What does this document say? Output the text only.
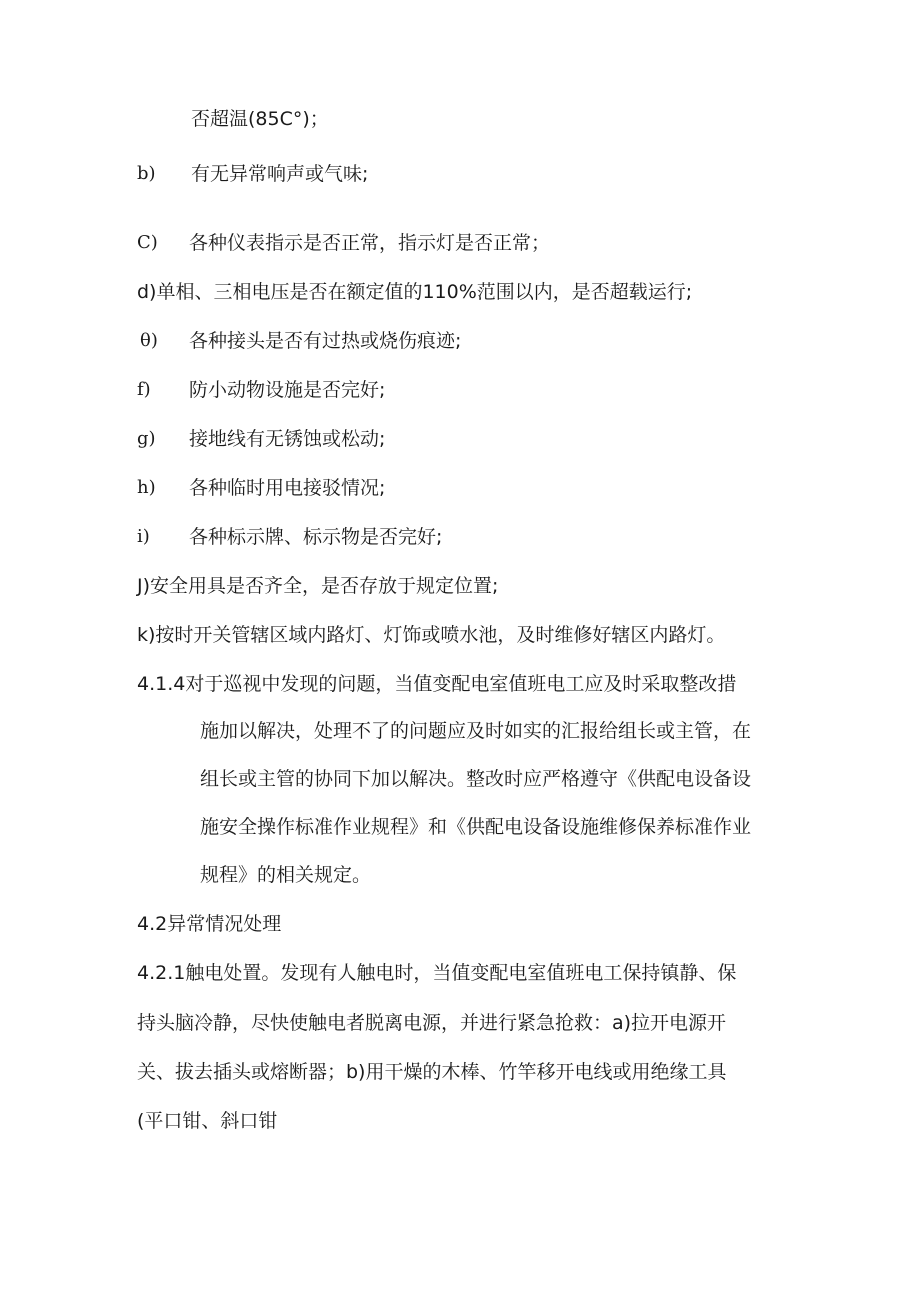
否超温(85C°)；
b) 有无异常响声或气味;
C) 各种仪表指示是否正常，指示灯是否正常；
d)单相、三相电压是否在额定值的110%范围以内，是否超载运行;
θ) 各种接头是否有过热或烧伤痕迹;
f) 防小动物设施是否完好;
g) 接地线有无锈蚀或松动;
h) 各种临时用电接驳情况;
i) 各种标示牌、标示物是否完好;
J)安全用具是否齐全，是否存放于规定位置;
k)按时开关管辖区域内路灯、灯饰或喷水池，及时维修好辖区内路灯。
4.1.4对于巡视中发现的问题，当值变配电室值班电工应及时采取整改措
施加以解决，处理不了的问题应及时如实的汇报给组长或主管，在
组长或主管的协同下加以解决。整改时应严格遵守《供配电设备设
施安全操作标准作业规程》和《供配电设备设施维修保养标准作业
规程》的相关规定。
4.2异常情况处理
4.2.1触电处置。发现有人触电时，当值变配电室值班电工保持镇静、保
持头脑冷静，尽快使触电者脱离电源，并进行紧急抢救：a)拉开电源开
关、拔去插头或熔断器；b)用干燥的木棒、竹竿移开电线或用绝缘工具
(平口钳、斜口钳
